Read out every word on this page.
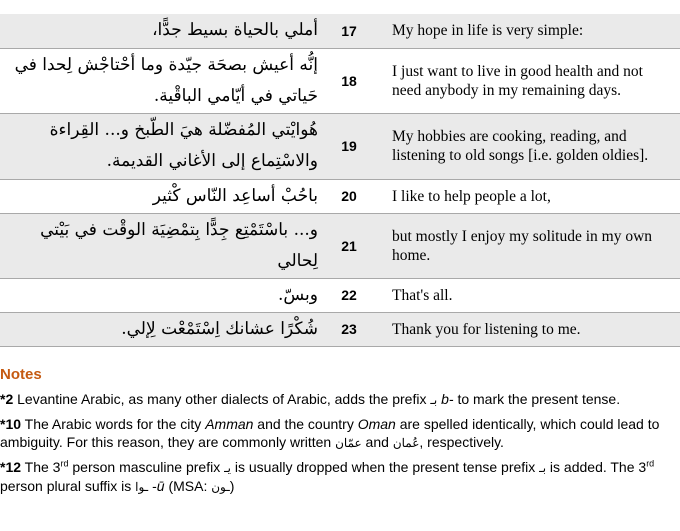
أملي بالحياة بسيط جدًّا،	17	My hope in life is very simple:
إنُّه أعيش بصحَة جيّدة وما أحْتاجْش لِحدا في حَياتي في أيّامي الباقْية.	18	I just want to live in good health and not need anybody in my remaining days.
هُوايْتي المُفضّلة هيَ الطّبخ و... القِراءة والاسْتِماع إلى الأغاني القديمة.	19	My hobbies are cooking, reading, and listening to old songs [i.e. golden oldies].
باحُبْ أساعِد النّاس كْثير	20	I like to help people a lot,
و... باسْتَمْتِع جِدًّا بِتمْضِيَة الوقْت في بَيْتي لِحالي	21	but mostly I enjoy my solitude in my own home.
وبسّ.	22	That's all.
شُكْرًا عشانك اِسْتَمْعْت لِإلي.	23	Thank you for listening to me.
Notes

*2 Levantine Arabic, as many other dialects of Arabic, adds the prefix بـ b- to mark the present tense.

*10 The Arabic words for the city Amman and the country Oman are spelled identically, which could lead to ambiguity. For this reason, they are commonly written عمّان and عُمان, respectively.

*12 The 3rd person masculine prefix يـ is usually dropped when the present tense prefix بـ is added. The 3rd person plural suffix is ـوا -ū (MSA: ـون)
